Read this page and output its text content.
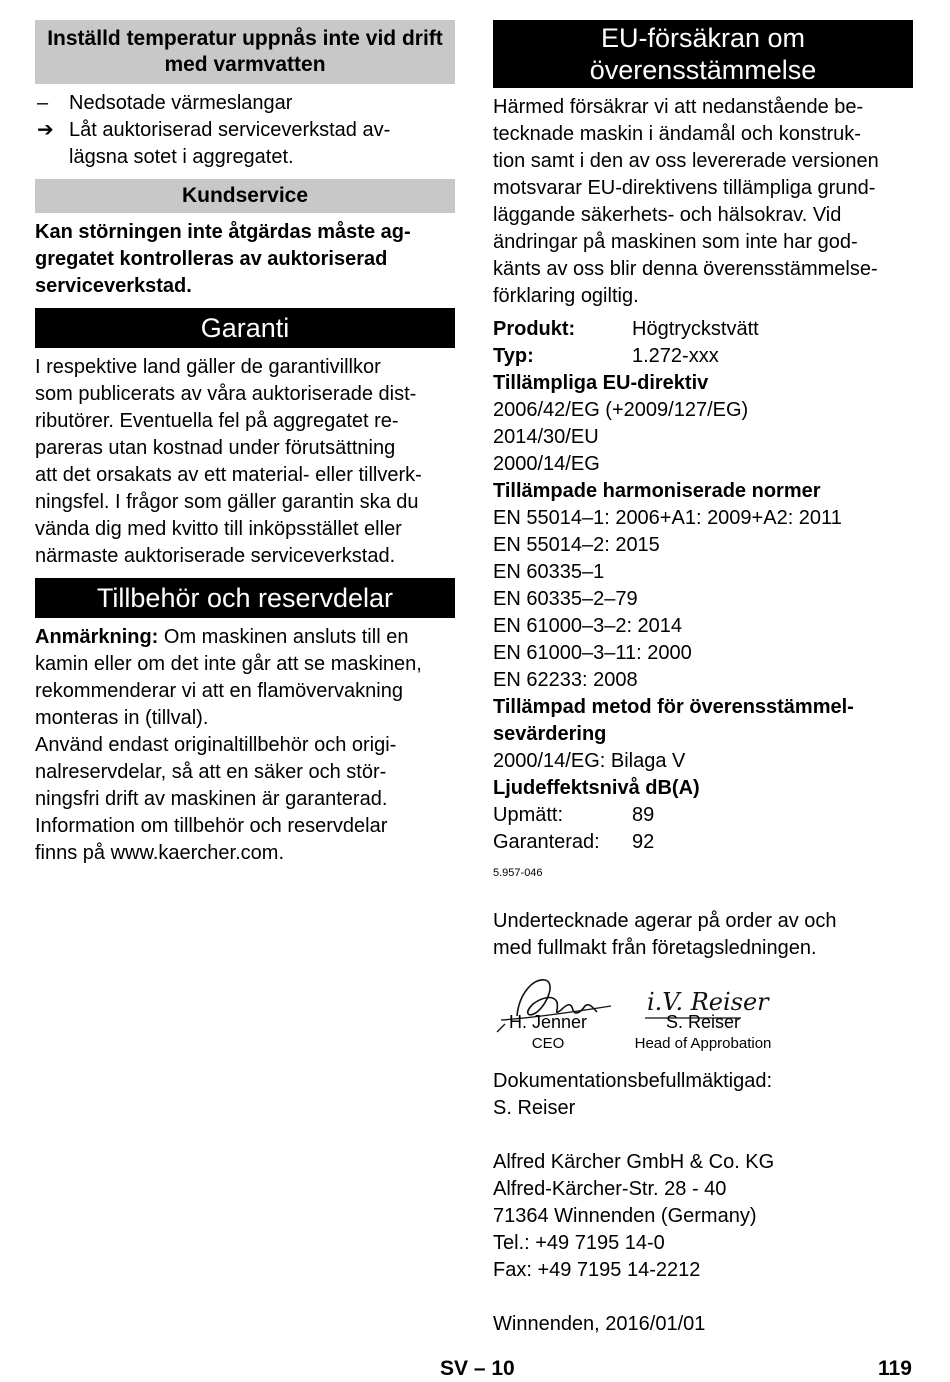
Inställd temperatur uppnås inte vid drift med varmvatten
– Nedsotade värmeslangar
➔ Låt auktoriserad serviceverkstad av-
lägsna sotet i aggregatet.
Kundservice
Kan störningen inte åtgärdas måste ag-
gregatet kontrolleras av auktoriserad
serviceverkstad.
Garanti
I respektive land gäller de garantivillkor
som publicerats av våra auktoriserade dist-
ributörer. Eventuella fel på aggregatet re-
pareras utan kostnad under förutsättning
att det orsakats av ett material- eller tillverk-
ningsfel. I frågor som gäller garantin ska du
vända dig med kvitto till inköpsstället eller
närmaste auktoriserade serviceverkstad.
Tillbehör och reservdelar
Anmärkning: Om maskinen ansluts till en
kamin eller om det inte går att se maskinen,
rekommenderar vi att en flamövervakning
monteras in (tillval).
Använd endast originaltillbehör och origi-
nalreservdelar, så att en säker och stör-
ningsfri drift av maskinen är garanterad.
Information om tillbehör och reservdelar
finns på www.kaercher.com.
EU-försäkran om
överensstämmelse
Härmed försäkrar vi att nedanstående be-
tecknade maskin i ändamål och konstruk-
tion samt i den av oss levererade versionen
motsvarar EU-direktivens tillämpliga grund-
läggande säkerhets- och hälsokrav. Vid
ändringar på maskinen som inte har god-
känts av oss blir denna överensstämmelse-
förklaring ogiltig.
Produkt:	Högtryckstvätt
Typ:	1.272-xxx
Tillämpliga EU-direktiv
2006/42/EG (+2009/127/EG)
2014/30/EU
2000/14/EG
Tillämpade harmoniserade normer
EN 55014–1: 2006+A1: 2009+A2: 2011
EN 55014–2: 2015
EN 60335–1
EN 60335–2–79
EN 61000–3–2: 2014
EN 61000–3–11: 2000
EN 62233: 2008
Tillämpad metod för överensstämmel-
sevärdering
2000/14/EG: Bilaga V
Ljudeffektsnivå dB(A)
Upmätt:	89
Garanterad:	92
5.957-046
Undertecknade agerar på order av och
med fullmakt från företagsledningen.
i.V. Reiser
H. Jenner
CEO
S. Reiser
Head of Approbation
Dokumentationsbefullmäktigad:
S. Reiser
Alfred Kärcher GmbH & Co. KG
Alfred-Kärcher-Str. 28 - 40
71364 Winnenden (Germany)
Tel.: +49 7195 14-0
Fax: +49 7195 14-2212
Winnenden, 2016/01/01
SV – 10	119
